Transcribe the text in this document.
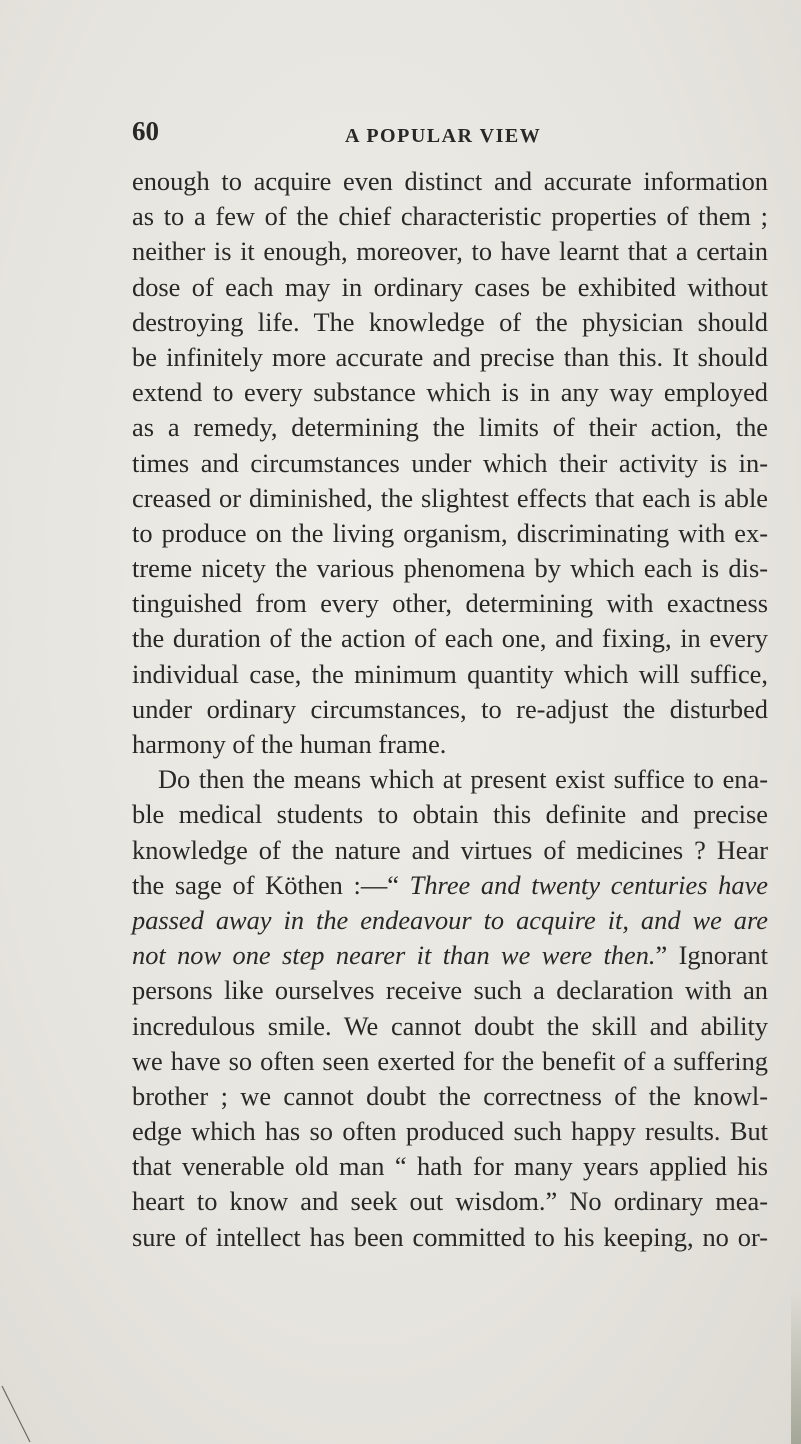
60	A POPULAR VIEW
enough to acquire even distinct and accurate information
as to a few of the chief characteristic properties of them ;
neither is it enough, moreover, to have learnt that a certain
dose of each may in ordinary cases be exhibited without
destroying life. The knowledge of the physician should
be infinitely more accurate and precise than this. It should
extend to every substance which is in any way employed
as a remedy, determining the limits of their action, the
times and circumstances under which their activity is in-
creased or diminished, the slightest effects that each is able
to produce on the living organism, discriminating with ex-
treme nicety the various phenomena by which each is dis-
tinguished from every other, determining with exactness
the duration of the action of each one, and fixing, in every
individual case, the minimum quantity which will suffice,
under ordinary circumstances, to re-adjust the disturbed
harmony of the human frame.
Do then the means which at present exist suffice to ena-
ble medical students to obtain this definite and precise
knowledge of the nature and virtues of medicines ? Hear
the sage of Köthen :—“ Three and twenty centuries have
passed away in the endeavour to acquire it, and we are
not now one step nearer it than we were then.” Ignorant
persons like ourselves receive such a declaration with an
incredulous smile. We cannot doubt the skill and ability
we have so often seen exerted for the benefit of a suffering
brother ; we cannot doubt the correctness of the knowl-
edge which has so often produced such happy results. But
that venerable old man “ hath for many years applied his
heart to know and seek out wisdom.” No ordinary mea-
sure of intellect has been committed to his keeping, no or-
